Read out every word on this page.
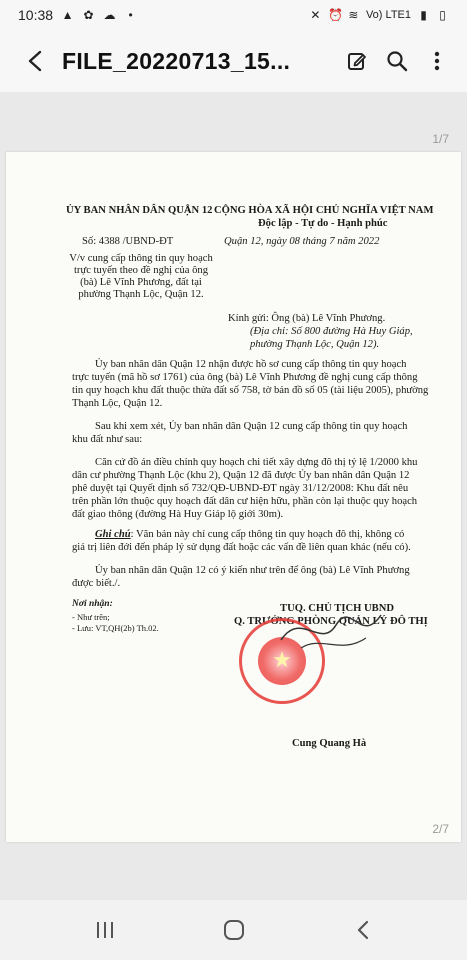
10:38 ▲ ✿ ☁	•	✕ ⏰ ≋ Vo) LTE1 ▮ ▯
FILE_20220713_15...
1/7
ỦY BAN NHÂN DÂN QUẬN 12 CỘNG HÒA XÃ HỘI CHỦ NGHĨA VIỆT NAM
Độc lập - Tự do - Hạnh phúc
Số: 4388 /UBND-ĐT	Quận 12, ngày 08 tháng 7 năm 2022
V/v cung cấp thông tin quy hoạch
trực tuyến theo đề nghị của ông
(bà) Lê Vĩnh Phương, đất tại
phường Thạnh Lộc, Quận 12.
Kính gửi: Ông (bà) Lê Vĩnh Phương.
(Địa chỉ: Số 800 đường Hà Huy Giáp,
phường Thạnh Lộc, Quận 12).
Ủy ban nhân dân Quận 12 nhận được hồ sơ cung cấp thông tin quy hoạch
trực tuyến (mã hồ sơ 1761) của ông (bà) Lê Vĩnh Phương đề nghị cung cấp thông
tin quy hoạch khu đất thuộc thửa đất số 758, tờ bản đồ số 05 (tài liệu 2005), phường
Thạnh Lộc, Quận 12.
Sau khi xem xét, Ủy ban nhân dân Quận 12 cung cấp thông tin quy hoạch
khu đất như sau:
Căn cứ đồ án điều chỉnh quy hoạch chi tiết xây dựng đô thị tỷ lệ 1/2000 khu
dân cư phường Thạnh Lộc (khu 2), Quận 12 đã được Ủy ban nhân dân Quận 12
phê duyệt tại Quyết định số 732/QĐ-UBND-ĐT ngày 31/12/2008: Khu đất nêu
trên phần lớn thuộc quy hoạch đất dân cư hiện hữu, phần còn lại thuộc quy hoạch
đất giao thông (đường Hà Huy Giáp lộ giới 30m).
Ghi chú: Văn bản này chỉ cung cấp thông tin quy hoạch đô thị, không có
giá trị liên đới đến pháp lý sử dụng đất hoặc các vấn đề liên quan khác (nếu có).
Ủy ban nhân dân Quận 12 có ý kiến như trên để ông (bà) Lê Vĩnh Phương
được biết./.
Nơi nhận:
- Như trên;
- Lưu: VT,QH(2b) Th.02.
TUQ. CHỦ TỊCH UBND
Q. TRƯỞNG PHÒNG QUẢN LÝ ĐÔ THỊ
★
Cung Quang Hà
2/7
